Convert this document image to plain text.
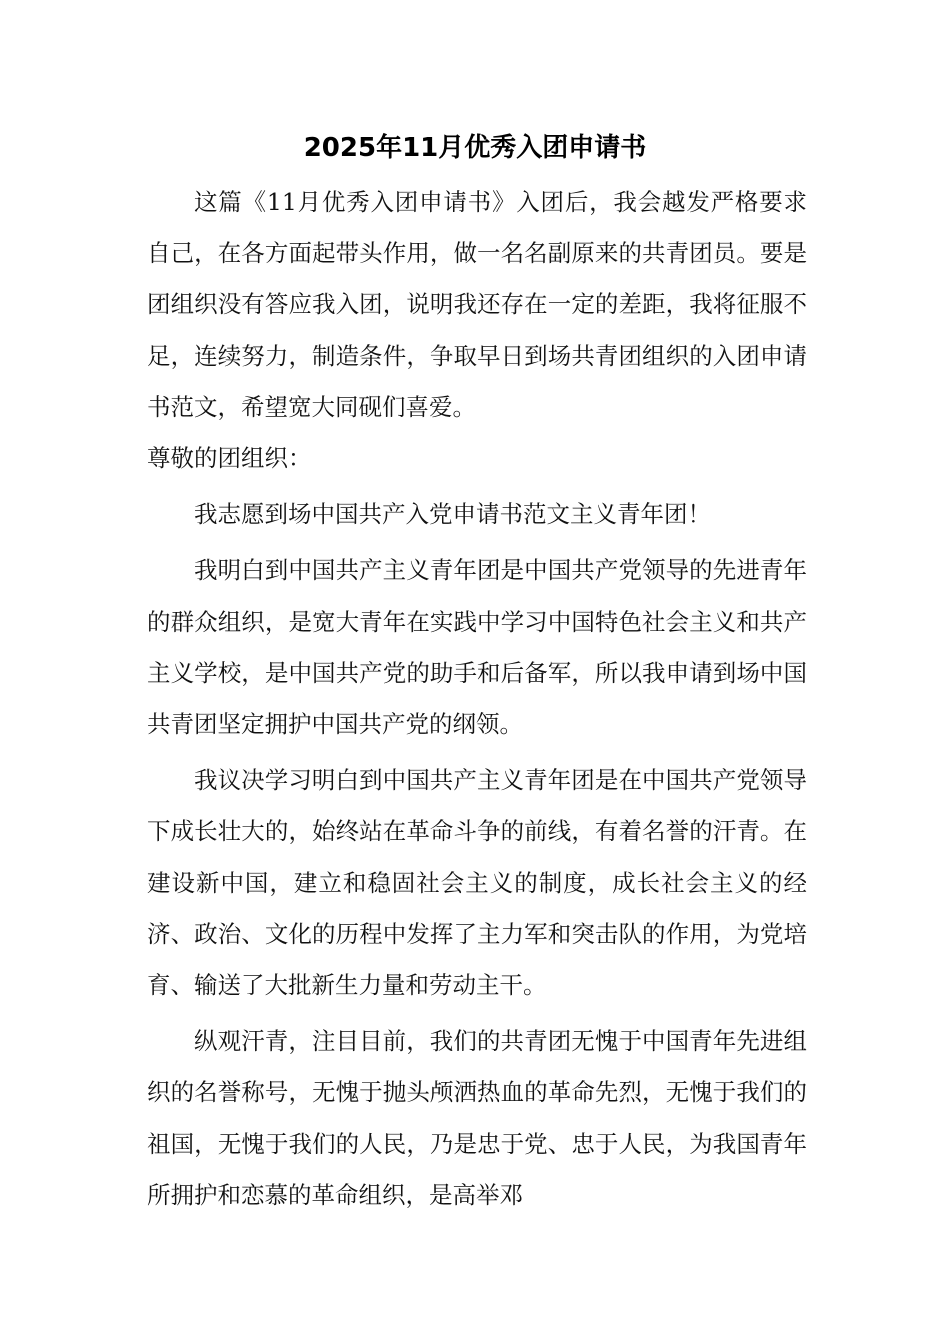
2025年11月优秀入团申请书

这篇《11月优秀入团申请书》入团后，我会越发严格要求自己，在各方面起带头作用，做一名名副原来的共青团员。要是团组织没有答应我入团，说明我还存在一定的差距，我将征服不足，连续努力，制造条件，争取早日到场共青团组织的入团申请书范文，希望宽大同砚们喜爱。

尊敬的团组织：

我志愿到场中国共产入党申请书范文主义青年团！

我明白到中国共产主义青年团是中国共产党领导的先进青年的群众组织，是宽大青年在实践中学习中国特色社会主义和共产主义学校，是中国共产党的助手和后备军，所以我申请到场中国共青团坚定拥护中国共产党的纲领。

我议决学习明白到中国共产主义青年团是在中国共产党领导下成长壮大的，始终站在革命斗争的前线，有着名誉的汗青。在建设新中国，建立和稳固社会主义的制度，成长社会主义的经济、政治、文化的历程中发挥了主力军和突击队的作用，为党培育、输送了大批新生力量和劳动主干。

纵观汗青，注目目前，我们的共青团无愧于中国青年先进组织的名誉称号，无愧于抛头颅洒热血的革命先烈，无愧于我们的祖国，无愧于我们的人民，乃是忠于党、忠于人民，为我国青年所拥护和恋慕的革命组织，是高举邓
